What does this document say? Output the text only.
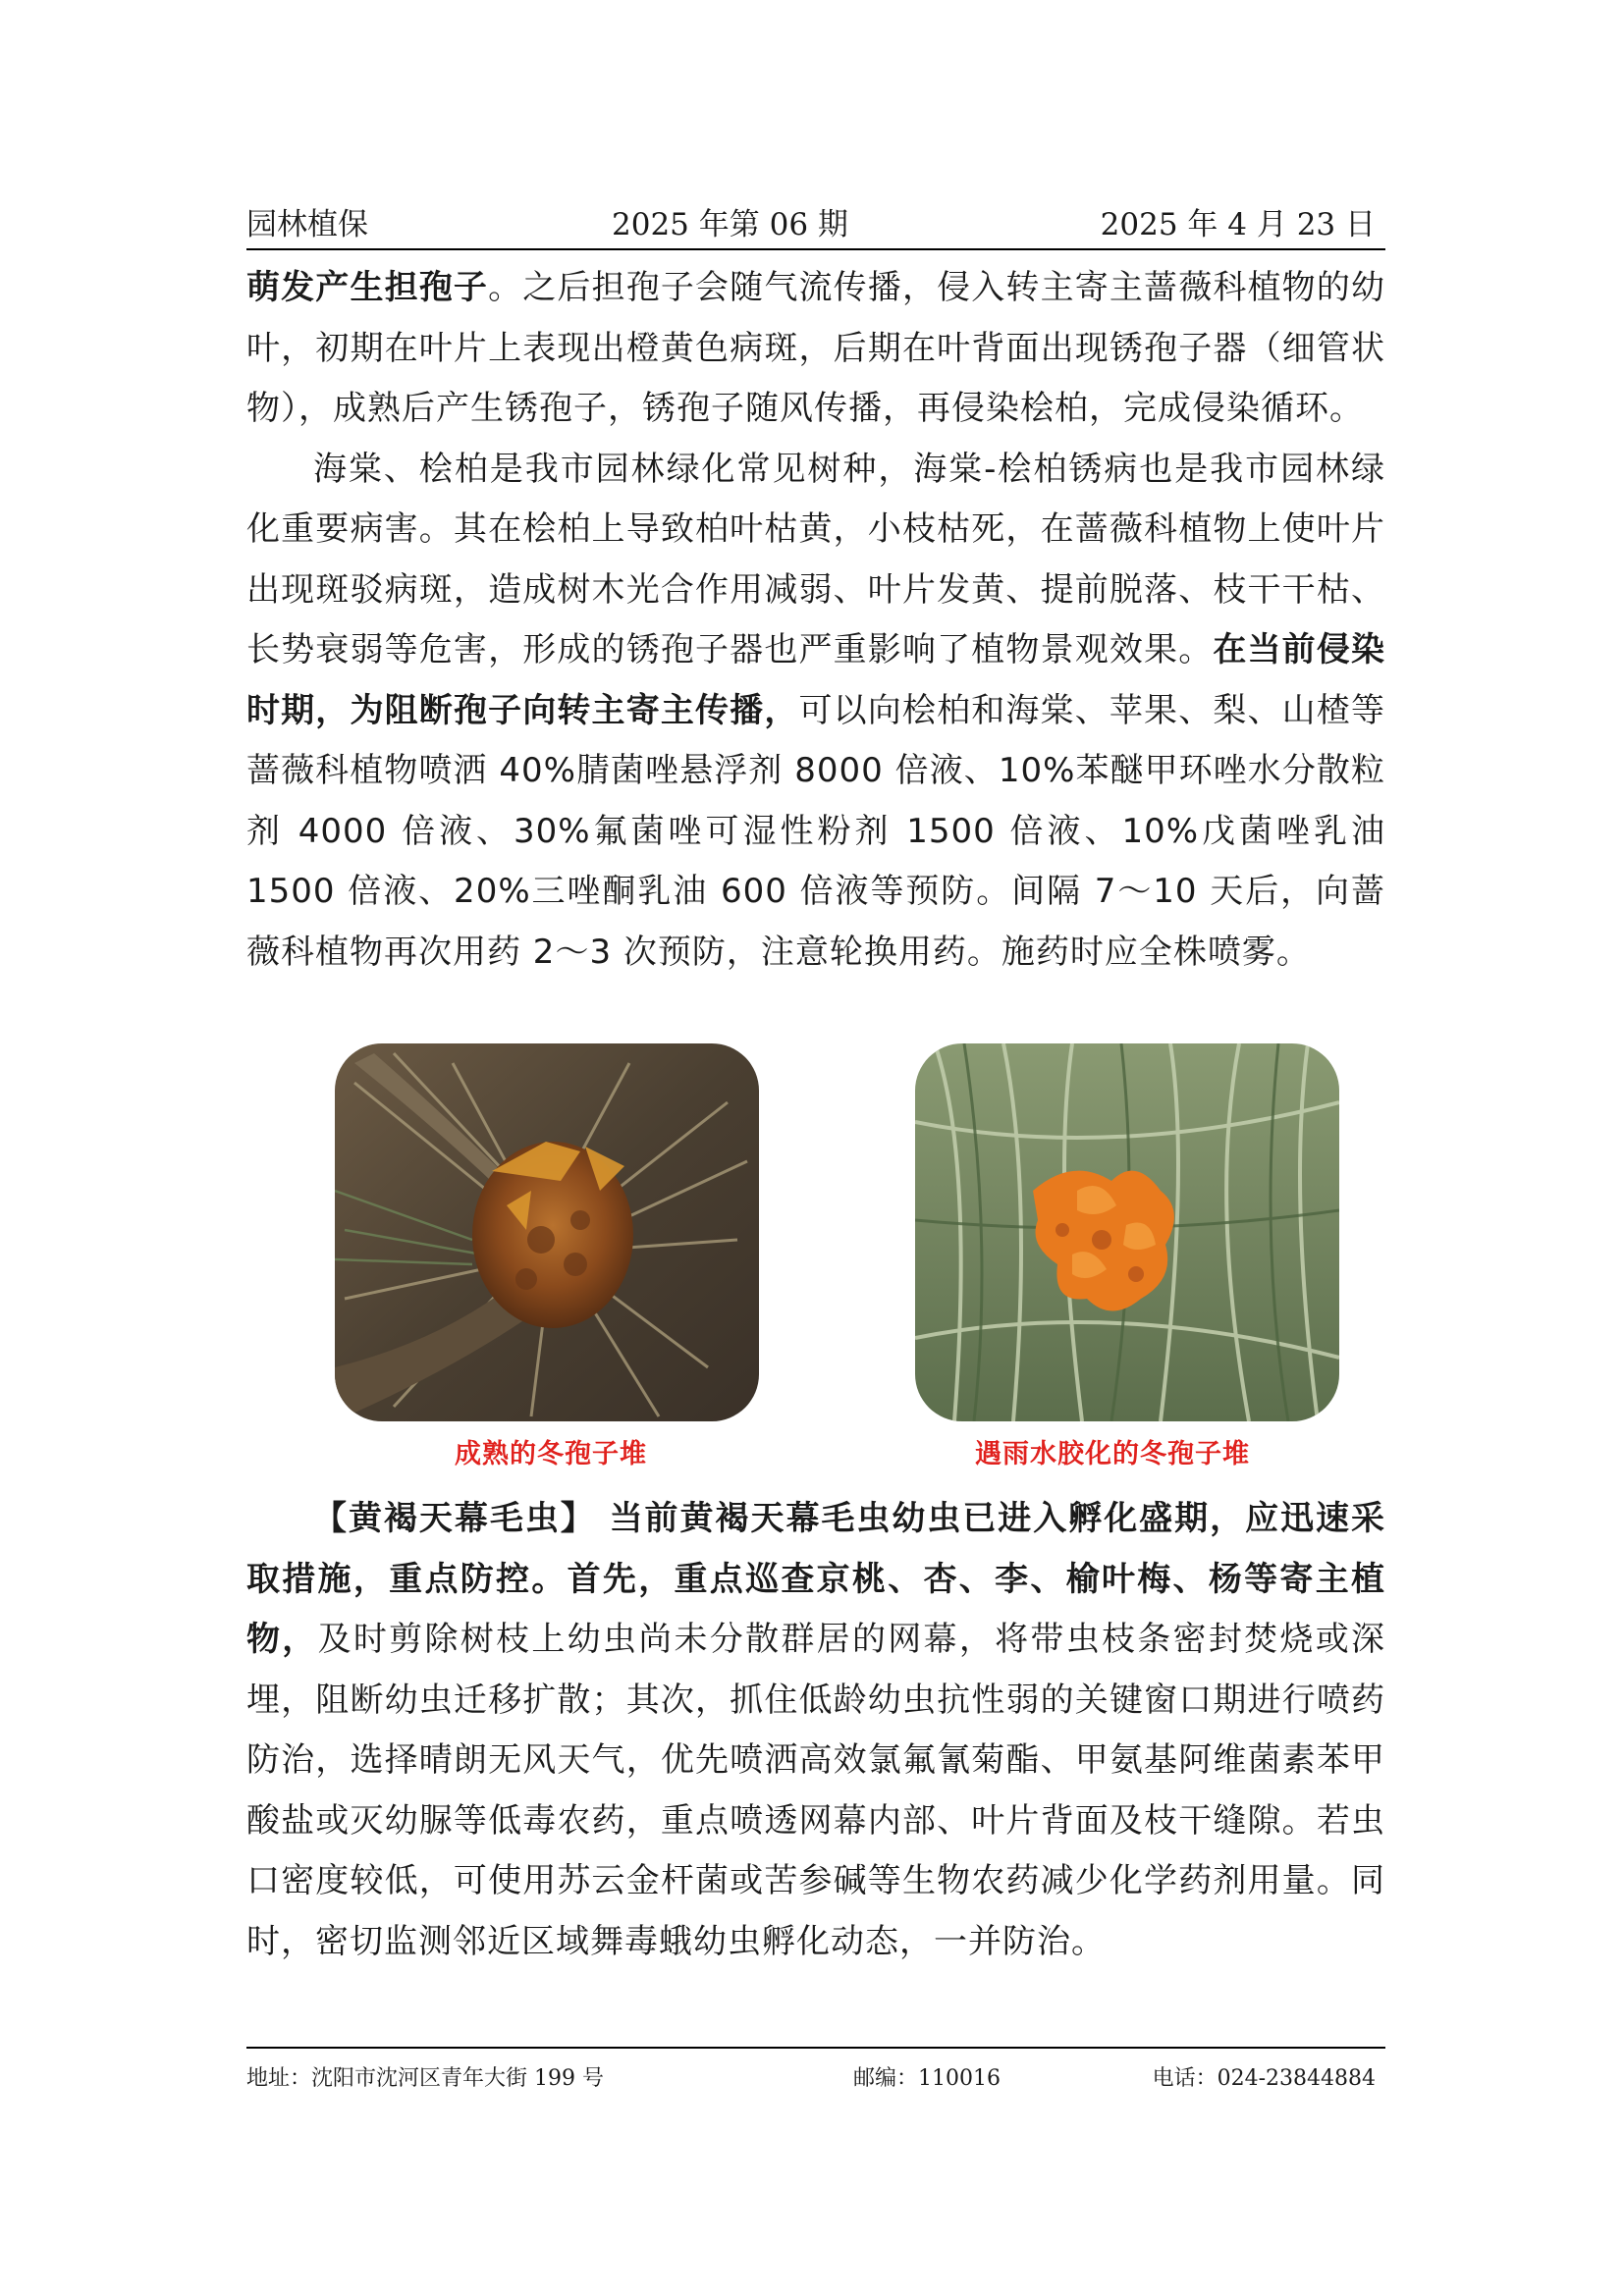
园林植保	2025 年第 06 期	2025 年 4 月 23 日

萌发产生担孢子。之后担孢子会随气流传播，侵入转主寄主蔷薇科植物的幼叶，初期在叶片上表现出橙黄色病斑，后期在叶背面出现锈孢子器（细管状物），成熟后产生锈孢子，锈孢子随风传播，再侵染桧柏，完成侵染循环。

海棠、桧柏是我市园林绿化常见树种，海棠-桧柏锈病也是我市园林绿化重要病害。其在桧柏上导致柏叶枯黄，小枝枯死，在蔷薇科植物上使叶片出现斑驳病斑，造成树木光合作用减弱、叶片发黄、提前脱落、枝干干枯、长势衰弱等危害，形成的锈孢子器也严重影响了植物景观效果。在当前侵染时期，为阻断孢子向转主寄主传播，可以向桧柏和海棠、苹果、梨、山楂等蔷薇科植物喷洒 40%腈菌唑悬浮剂 8000 倍液、10%苯醚甲环唑水分散粒剂 4000 倍液、30%氟菌唑可湿性粉剂 1500 倍液、10%戊菌唑乳油 1500 倍液、20%三唑酮乳油 600 倍液等预防。间隔 7～10 天后，向蔷薇科植物再次用药 2～3 次预防，注意轮换用药。施药时应全株喷雾。

成熟的冬孢子堆	遇雨水胶化的冬孢子堆

【黄褐天幕毛虫】 当前黄褐天幕毛虫幼虫已进入孵化盛期，应迅速采取措施，重点防控。首先，重点巡查京桃、杏、李、榆叶梅、杨等寄主植物，及时剪除树枝上幼虫尚未分散群居的网幕，将带虫枝条密封焚烧或深埋，阻断幼虫迁移扩散；其次，抓住低龄幼虫抗性弱的关键窗口期进行喷药防治，选择晴朗无风天气，优先喷洒高效氯氟氰菊酯、甲氨基阿维菌素苯甲酸盐或灭幼脲等低毒农药，重点喷透网幕内部、叶片背面及枝干缝隙。若虫口密度较低，可使用苏云金杆菌或苦参碱等生物农药减少化学药剂用量。同时，密切监测邻近区域舞毒蛾幼虫孵化动态，一并防治。

地址：沈阳市沈河区青年大街 199 号	邮编：110016	电话：024-23844884
